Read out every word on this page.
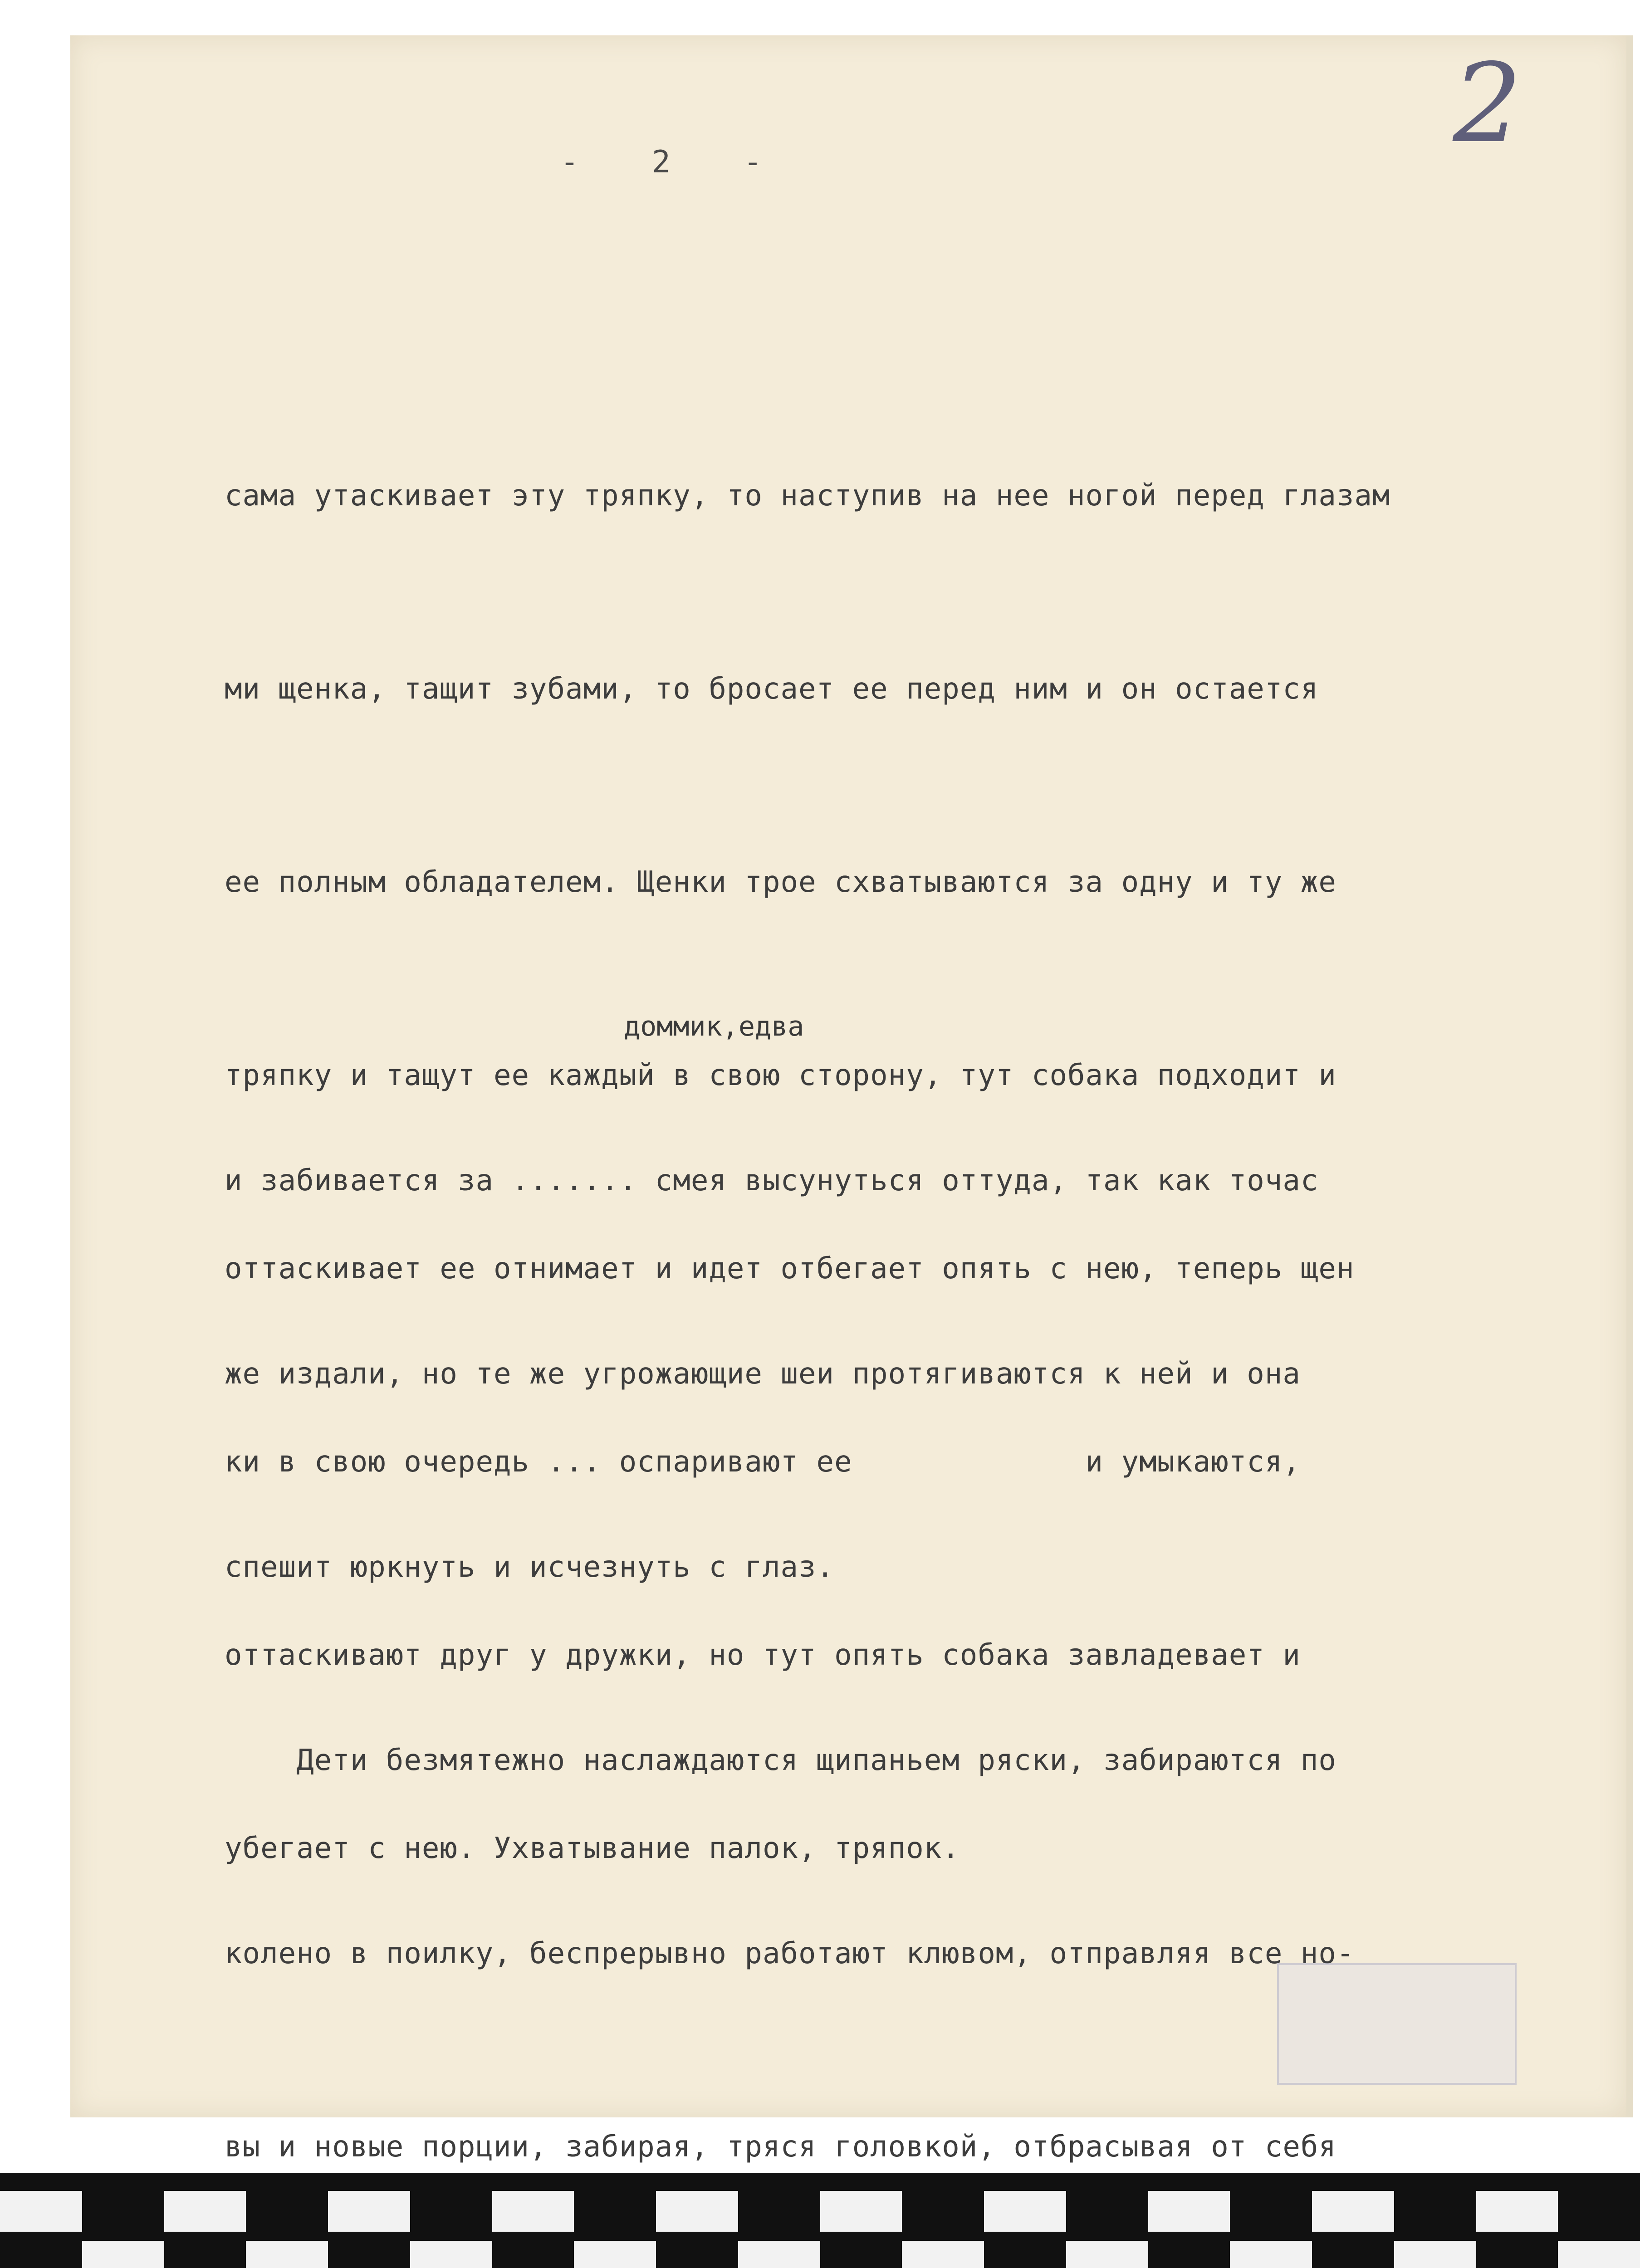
2
- 2 -

сама утаскивает эту тряпку, то наступив на нее ногой перед глазам

ми щенка, тащит зубами, то бросает ее перед ним и он остается

ее полным обладателем. Щенки трое схватываются за одну и ту же

тряпку и тащут ее каждый в свою сторону, тут собака подходит и

оттаскивает ее отнимает и идет отбегает опять с нею, теперь щен

ки в свою очередь ... оспаривают ее             и умыкаются,

оттаскивают друг у дружки, но тут опять собака завладевает и

убегает с нею. Ухватывание палок, тряпок.

доммик,едва

и забивается за ....... смея высунуться оттуда, так как точас

же издали, но те же угрожающие шеи протягиваются к ней и она

спешит юркнуть и исчезнуть с глаз.

Дети безмятежно наслаждаются щипаньем ряски, забираются по

колено в поилку, беспрерывно работают клювом, отправляя все но-

вы и новые порции, забирая, тряся головкой, отбрасывая от себя
